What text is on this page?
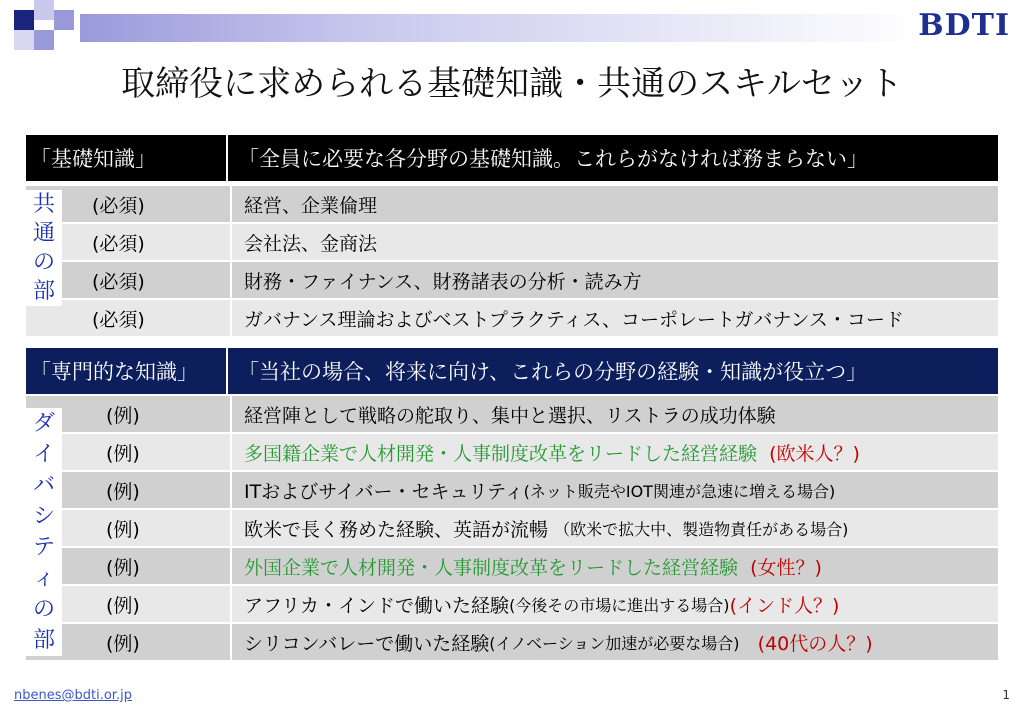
BDTI
取締役に求められる基礎知識・共通のスキルセット
「基礎知識」	「全員に必要な各分野の基礎知識。これらがなければ務まらない」
(必須)	経営、企業倫理
(必須)	会社法、金商法
(必須)	財務・ファイナンス、財務諸表の分析・読み方
(必須)	ガバナンス理論およびベストプラクティス、コーポレートガバナンス・コード
共
通
の
部
「専門的な知識」	「当社の場合、将来に向け、これらの分野の経験・知識が役立つ」
(例)	経営陣として戦略の舵取り、集中と選択、リストラの成功体験
(例)	多国籍企業で人材開発・人事制度改革をリードした経営経験
(欧米人？)
(例)	ITおよびサイバー・セキュリティ (ネット販売やIOT関連が急速に増える場合)
(例)	欧米で長く務めた経験、英語が流暢
（欧米で拡大中、製造物責任がある場合)
(例)	外国企業で人材開発・人事制度改革をリードした経営経験
(女性？)
(例)	アフリカ・インドで働いた経験 (今後その市場に進出する場合) (インド人？)
(例)	シリコンバレーで働いた経験 (イノベーション加速が必要な場合)
(40代の人？)
ダ
イ
バ
シ
テ
ィ
の
部
nbenes@bdti.or.jp	1
